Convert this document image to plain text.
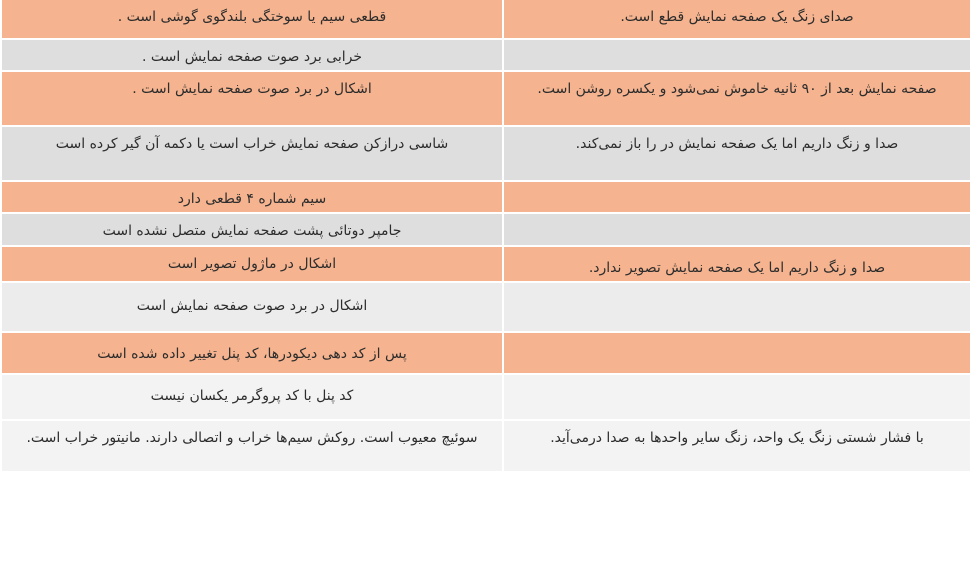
صدای زنگ یک صفحه نمایش قطع است.	قطعی سیم یا سوختگی بلندگوی گوشی است .
	خرابی برد صوت صفحه نمایش است .
صفحه نمایش بعد از ۹۰ ثانیه خاموش نمی‌شود و یکسره روشن است.	اشکال در برد صوت صفحه نمایش است .
صدا و زنگ داریم اما یک صفحه نمایش در را باز نمی‌کند.	شاسی درازکن صفحه نمایش خراب است یا دکمه آن گیر کرده است
	سیم شماره ۴ قطعی دارد
	جامپر دوتائی پشت صفحه نمایش متصل نشده است
صدا و زنگ داریم اما یک صفحه نمایش تصویر ندارد.	اشکال در ماژول تصویر است
	اشکال در برد صوت صفحه نمایش است
	پس از کد دهی دیکودرها، کد پنل تغییر داده شده است
	کد پنل با کد پروگرمر یکسان نیست
با فشار شستی زنگ یک واحد، زنگ سایر واحدها به صدا درمی‌آید.	سوئیچ معیوب است. روکش سیم‌ها خراب و اتصالی دارند. مانیتور خراب است.
